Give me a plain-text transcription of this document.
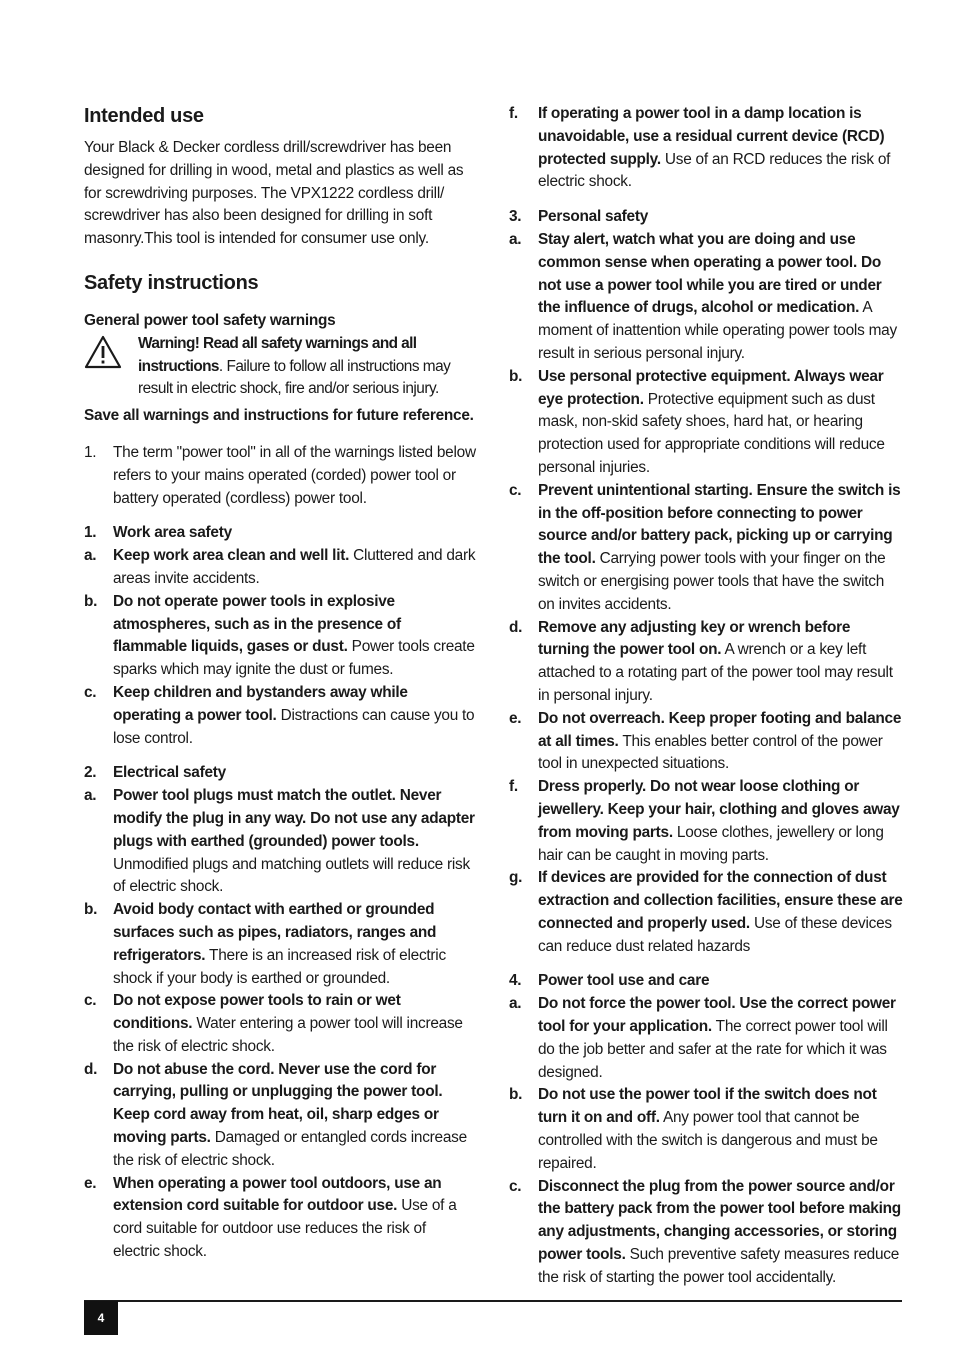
Intended use
Your Black & Decker cordless drill/screwdriver has been designed for drilling in wood, metal and plastics as well as for screwdriving purposes. The VPX1222 cordless drill/ screwdriver has also been designed for drilling in soft masonry.This tool is intended for consumer use only.
Safety instructions
General power tool safety warnings
Warning! Read all safety warnings and all instructions. Failure to follow all instructions may result in electric shock, fire and/or serious injury.
Save all warnings and instructions for future reference.
1. The term "power tool" in all of the warnings listed below refers to your mains operated (corded) power tool or battery operated (cordless) power tool.
1. Work area safety
a. Keep work area clean and well lit. Cluttered and dark areas invite accidents.
b. Do not operate power tools in explosive atmospheres, such as in the presence of flammable liquids, gases or dust. Power tools create sparks which may ignite the dust or fumes.
c. Keep children and bystanders away while operating a power tool. Distractions can cause you to lose control.
2. Electrical safety
a. Power tool plugs must match the outlet. Never modify the plug in any way. Do not use any adapter plugs with earthed (grounded) power tools. Unmodified plugs and matching outlets will reduce risk of electric shock.
b. Avoid body contact with earthed or grounded surfaces such as pipes, radiators, ranges and refrigerators. There is an increased risk of electric shock if your body is earthed or grounded.
c. Do not expose power tools to rain or wet conditions. Water entering a power tool will increase the risk of electric shock.
d. Do not abuse the cord. Never use the cord for carrying, pulling or unplugging the power tool. Keep cord away from heat, oil, sharp edges or moving parts. Damaged or entangled cords increase the risk of electric shock.
e. When operating a power tool outdoors, use an extension cord suitable for outdoor use. Use of a cord suitable for outdoor use reduces the risk of electric shock.
f. If operating a power tool in a damp location is unavoidable, use a residual current device (RCD) protected supply. Use of an RCD reduces the risk of electric shock.
3. Personal safety
a. Stay alert, watch what you are doing and use common sense when operating a power tool. Do not use a power tool while you are tired or under the influence of drugs, alcohol or medication. A moment of inattention while operating power tools may result in serious personal injury.
b. Use personal protective equipment. Always wear eye protection. Protective equipment such as dust mask, non-skid safety shoes, hard hat, or hearing protection used for appropriate conditions will reduce personal injuries.
c. Prevent unintentional starting. Ensure the switch is in the off-position before connecting to power source and/or battery pack, picking up or carrying the tool. Carrying power tools with your finger on the switch or energising power tools that have the switch on invites accidents.
d. Remove any adjusting key or wrench before turning the power tool on. A wrench or a key left attached to a rotating part of the power tool may result in personal injury.
e. Do not overreach. Keep proper footing and balance at all times. This enables better control of the power tool in unexpected situations.
f. Dress properly. Do not wear loose clothing or jewellery. Keep your hair, clothing and gloves away from moving parts. Loose clothes, jewellery or long hair can be caught in moving parts.
g. If devices are provided for the connection of dust extraction and collection facilities, ensure these are connected and properly used. Use of these devices can reduce dust related hazards
4. Power tool use and care
a. Do not force the power tool. Use the correct power tool for your application. The correct power tool will do the job better and safer at the rate for which it was designed.
b. Do not use the power tool if the switch does not turn it on and off. Any power tool that cannot be controlled with the switch is dangerous and must be repaired.
c. Disconnect the plug from the power source and/or the battery pack from the power tool before making any adjustments, changing accessories, or storing power tools. Such preventive safety measures reduce the risk of starting the power tool accidentally.
4
